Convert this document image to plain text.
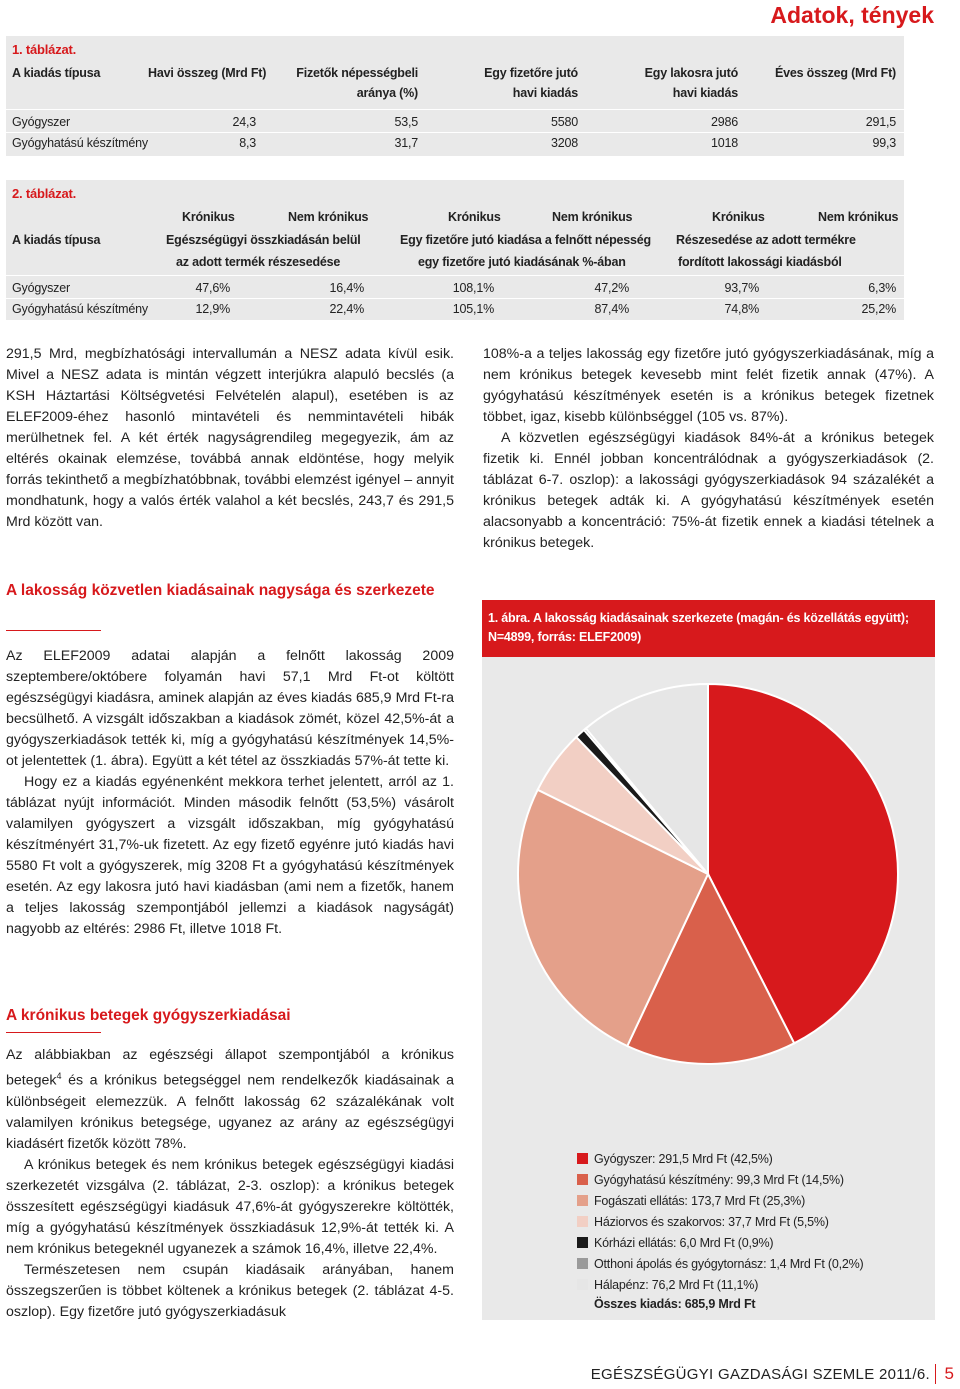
Adatok, tények
1. táblázat.
A kiadás típusa	Havi összeg (Mrd Ft)	Fizetők népességbeli
aránya (%)
Egy fizetőre jutó
havi kiadás
Egy lakosra jutó
havi kiadás
Éves összeg (Mrd Ft)
Gyógyszer	24,3	53,5	5580	2986	291,5
Gyógyhatású készítmény	8,3	31,7	3208	1018	99,3
2. táblázat.
Krónikus	Nem krónikus	Krónikus	Nem krónikus	Krónikus	Nem krónikus
A kiadás típusa	Egészségügyi összkiadásán belül
az adott termék részesedése
Egy fizetőre jutó kiadása a felnőtt népesség
egy fizetőre jutó kiadásának %-ában
Részesedése az adott termékre
fordított lakossági kiadásból
Gyógyszer	47,6%	16,4%	108,1%	47,2%	93,7%	6,3%
Gyógyhatású készítmény	12,9%	22,4%	105,1%	87,4%	74,8%	25,2%

291,5 Mrd, megbízhatósági intervallumán a NESZ adata kívül esik. Mivel a NESZ adata is mintán végzett interjúkra alapuló becslés (a KSH Háztartási Költségvetési Felvételén alapul), esetében is az ELEF2009-éhez hasonló mintavételi és nemmintavételi hibák merülhetnek fel. A két érték nagyságrendileg megegyezik, ám az eltérés okainak elemzése, továbbá annak eldöntése, hogy melyik forrás tekinthető a megbízhatóbbnak, további elemzést igényel – annyit mondhatunk, hogy a valós érték valahol a két becslés, 243,7 és 291,5 Mrd között van.

A lakosság közvetlen kiadásainak nagysága és szerkezete

Az ELEF2009 adatai alapján a felnőtt lakosság 2009 szeptembere/októbere folyamán havi 57,1 Mrd Ft-ot költött egészségügyi kiadásra, aminek alapján az éves kiadás 685,9 Mrd Ft-ra becsülhető. A vizsgált időszakban a kiadások zömét, közel 42,5%-át a gyógyszerkiadások tették ki, míg a gyógyhatású készítmények 14,5%-ot jelentettek (1. ábra). Együtt a két tétel az összkiadás 57%-át tette ki.

Hogy ez a kiadás egyénenként mekkora terhet jelentett, arról az 1. táblázat nyújt információt. Minden második felnőtt (53,5%) vásárolt valamilyen gyógyszert a vizsgált időszakban, míg gyógyhatású készítményért 31,7%-uk fizetett. Az egy fizető egyénre jutó kiadás havi 5580 Ft volt a gyógyszerek, míg 3208 Ft a gyógyhatású készítmények esetén. Az egy lakosra jutó havi kiadásban (ami nem a fizetők, hanem a teljes lakosság szempontjából jellemzi a kiadások nagyságát) nagyobb az eltérés: 2986 Ft, illetve 1018 Ft.

A krónikus betegek gyógyszerkiadásai

Az alábbiakban az egészségi állapot szempontjából a krónikus betegek$^4$ és a krónikus betegséggel nem rendelkezők kiadásainak a különbségeit elemezzük. A felnőtt lakosság 62 százalékának volt valamilyen krónikus betegsége, ugyanez az arány az egészségügyi kiadásért fizetők között 78%.

A krónikus betegek és nem krónikus betegek egészségügyi kiadási szerkezetét vizsgálva (2. táblázat, 2-3. oszlop): a krónikus betegek összesített egészségügyi kiadásuk 47,6%-át gyógyszerekre költötték, míg a gyógyhatású készítmények összkiadásuk 12,9%-át tették ki. A nem krónikus betegeknél ugyanezek a számok 16,4%, illetve 22,4%.

Természetesen nem csupán kiadásaik arányában, hanem összegszerűen is többet költenek a krónikus betegek (2. táblázat 4-5. oszlop). Egy fizetőre jutó gyógyszerkiadásuk

108%-a a teljes lakosság egy fizetőre jutó gyógyszerkiadásának, míg a nem krónikus betegek kevesebb mint felét fizetik annak (47%). A gyógyhatású készítmények esetén is a krónikus betegek fizetnek többet, igaz, kisebb különbséggel (105 vs. 87%).

A közvetlen egészségügyi kiadások 84%-át a krónikus betegek fizetik ki. Ennél jobban koncentrálódnak a gyógyszerkiadások (2. táblázat 6-7. oszlop): a lakossági gyógyszerkiadások 94 százalékét a krónikus betegek adták ki. A gyógyhatású készítmények esetén alacsonyabb a koncentráció: 75%-át fizetik ennek a kiadási tételnek a krónikus betegek.

1. ábra. A lakosság kiadásainak szerkezete (magán- és közellátás együtt); N=4899, forrás: ELEF2009)
Gyógyszer: 291,5 Mrd Ft (42,5%)
Gyógyhatású készítmény: 99,3 Mrd Ft (14,5%)
Fogászati ellátás: 173,7 Mrd Ft (25,3%)
Háziorvos és szakorvos: 37,7 Mrd Ft (5,5%)
Kórházi ellátás: 6,0 Mrd Ft (0,9%)
Otthoni ápolás és gyógytornász: 1,4 Mrd Ft (0,2%)
Hálapénz: 76,2 Mrd Ft (11,1%)
Összes kiadás: 685,9 Mrd Ft
EGÉSZSÉGÜGYI GAZDASÁGI SZEMLE 2011/6. 5
